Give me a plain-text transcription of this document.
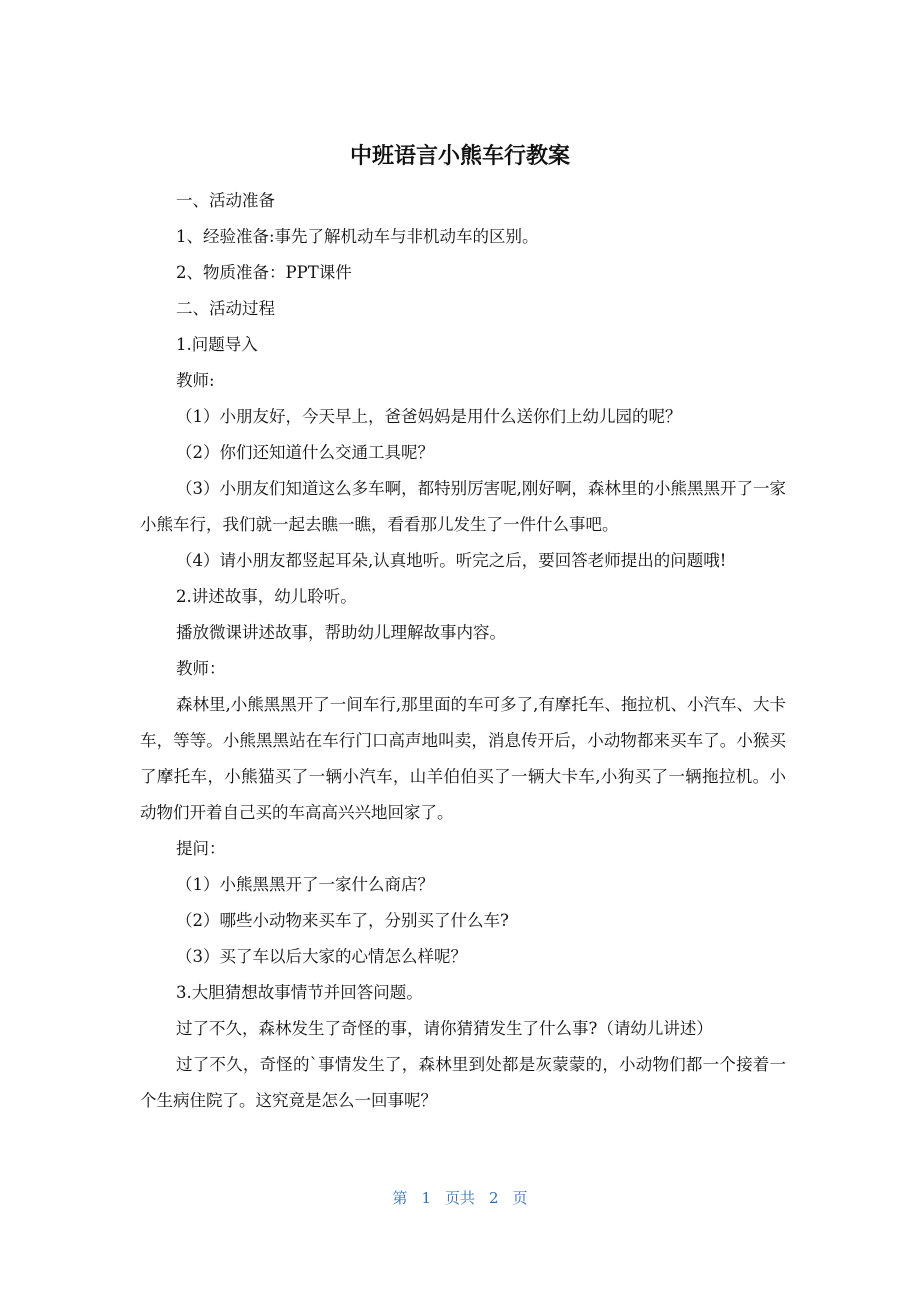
中班语言小熊车行教案

一、活动准备

1、经验准备:事先了解机动车与非机动车的区别。

2、物质准备：PPT课件

二、活动过程

1.问题导入

教师:

（1）小朋友好，今天早上，爸爸妈妈是用什么送你们上幼儿园的呢？

（2）你们还知道什么交通工具呢？

（3）小朋友们知道这么多车啊，都特别厉害呢,刚好啊，森林里的小熊黑黑开了一家小熊车行，我们就一起去瞧一瞧，看看那儿发生了一件什么事吧。

（4）请小朋友都竖起耳朵,认真地听。听完之后，要回答老师提出的问题哦!

2.讲述故事，幼儿聆听。

播放微课讲述故事，帮助幼儿理解故事内容。

教师：

森林里,小熊黑黑开了一间车行,那里面的车可多了,有摩托车、拖拉机、小汽车、大卡车，等等。小熊黑黑站在车行门口高声地叫卖，消息传开后，小动物都来买车了。小猴买了摩托车，小熊猫买了一辆小汽车，山羊伯伯买了一辆大卡车,小狗买了一辆拖拉机。小动物们开着自己买的车高高兴兴地回家了。

提问：

（1）小熊黑黑开了一家什么商店？

（2）哪些小动物来买车了，分别买了什么车?

（3）买了车以后大家的心情怎么样呢？

3.大胆猜想故事情节并回答问题。

过了不久，森林发生了奇怪的事，请你猜猜发生了什么事?（请幼儿讲述）

过了不久，奇怪的`事情发生了，森林里到处都是灰蒙蒙的，小动物们都一个接着一个生病住院了。这究竟是怎么一回事呢？

第 1 页共 2 页
